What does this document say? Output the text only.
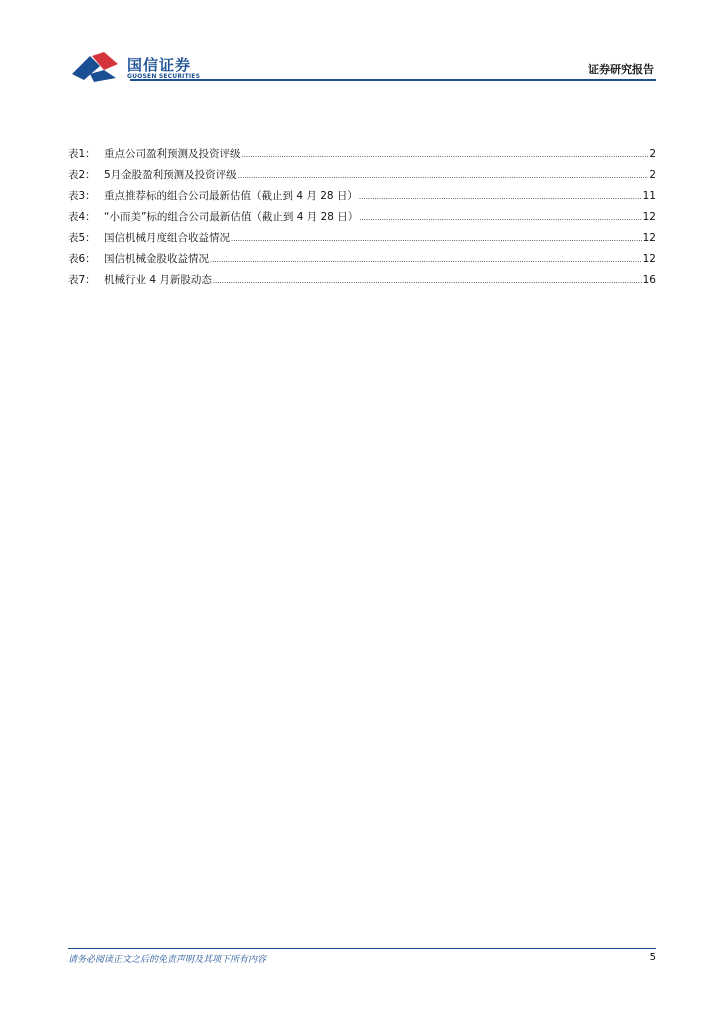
国信证券
GUOSEN SECURITIES
证券研究报告
表1： 重点公司盈利预测及投资评级 .....	2
表2： 5月金股盈利预测及投资评级 .....	2
表3： 重点推荐标的组合公司最新估值（截止到 4 月 28 日） .....	11
表4： “小而美”标的组合公司最新估值（截止到 4 月 28 日） .....	12
表5： 国信机械月度组合收益情况 .....	12
表6： 国信机械金股收益情况 .....	12
表7： 机械行业 4 月新股动态 .....	16
请务必阅读正文之后的免责声明及其项下所有内容	5
